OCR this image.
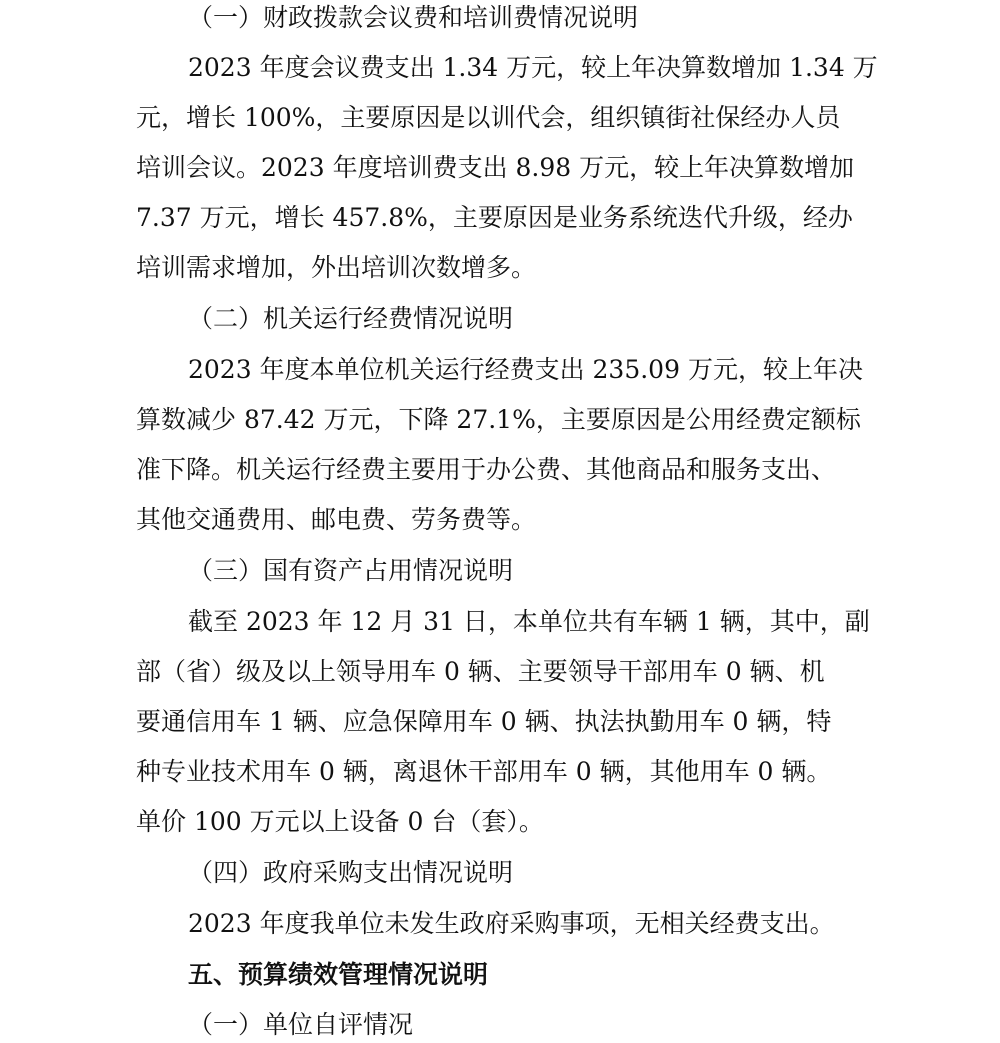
（一）财政拨款会议费和培训费情况说明
2023 年度会议费支出 1.34 万元，较上年决算数增加 1.34 万
元，增长 100%，主要原因是以训代会，组织镇街社保经办人员
培训会议。2023 年度培训费支出 8.98 万元，较上年决算数增加
7.37 万元，增长 457.8%，主要原因是业务系统迭代升级，经办
培训需求增加，外出培训次数增多。
（二）机关运行经费情况说明
2023 年度本单位机关运行经费支出 235.09 万元，较上年决
算数减少 87.42 万元，下降 27.1%，主要原因是公用经费定额标
准下降。机关运行经费主要用于办公费、其他商品和服务支出、
其他交通费用、邮电费、劳务费等。
（三）国有资产占用情况说明
截至 2023 年 12 月 31 日，本单位共有车辆 1 辆，其中，副
部（省）级及以上领导用车 0 辆、主要领导干部用车 0 辆、机
要通信用车 1 辆、应急保障用车 0 辆、执法执勤用车 0 辆，特
种专业技术用车 0 辆，离退休干部用车 0 辆，其他用车 0 辆。
单价 100 万元以上设备 0 台（套）。
（四）政府采购支出情况说明
2023 年度我单位未发生政府采购事项，无相关经费支出。
五、预算绩效管理情况说明
（一）单位自评情况
